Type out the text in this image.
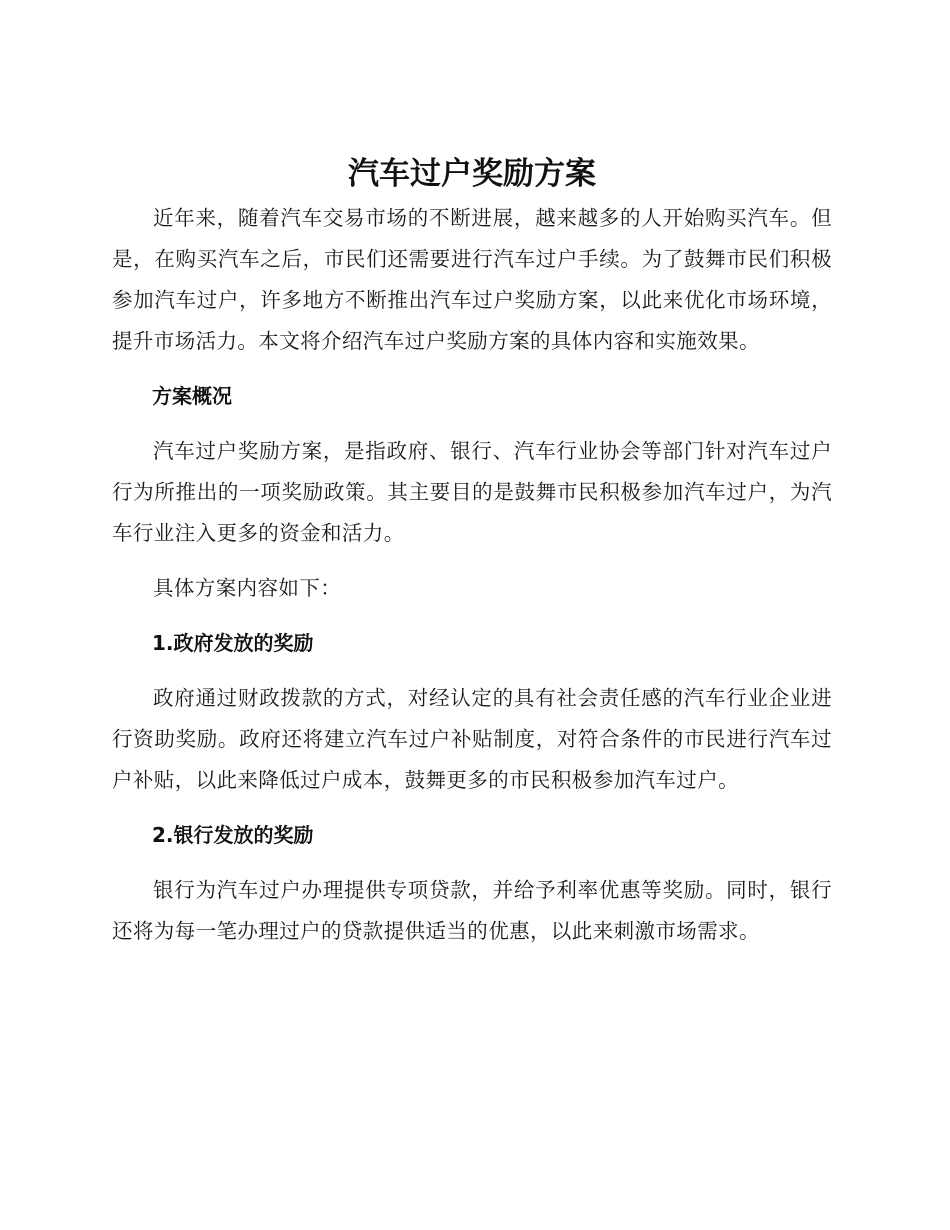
汽车过户奖励方案

近年来，随着汽车交易市场的不断进展，越来越多的人开始购买汽车。但是，在购买汽车之后，市民们还需要进行汽车过户手续。为了鼓舞市民们积极参加汽车过户，许多地方不断推出汽车过户奖励方案，以此来优化市场环境，提升市场活力。本文将介绍汽车过户奖励方案的具体内容和实施效果。

方案概况

汽车过户奖励方案，是指政府、银行、汽车行业协会等部门针对汽车过户行为所推出的一项奖励政策。其主要目的是鼓舞市民积极参加汽车过户，为汽车行业注入更多的资金和活力。

具体方案内容如下：

1.政府发放的奖励

政府通过财政拨款的方式，对经认定的具有社会责任感的汽车行业企业进行资助奖励。政府还将建立汽车过户补贴制度，对符合条件的市民进行汽车过户补贴，以此来降低过户成本，鼓舞更多的市民积极参加汽车过户。

2.银行发放的奖励

银行为汽车过户办理提供专项贷款，并给予利率优惠等奖励。同时，银行还将为每一笔办理过户的贷款提供适当的优惠，以此来刺激市场需求。
